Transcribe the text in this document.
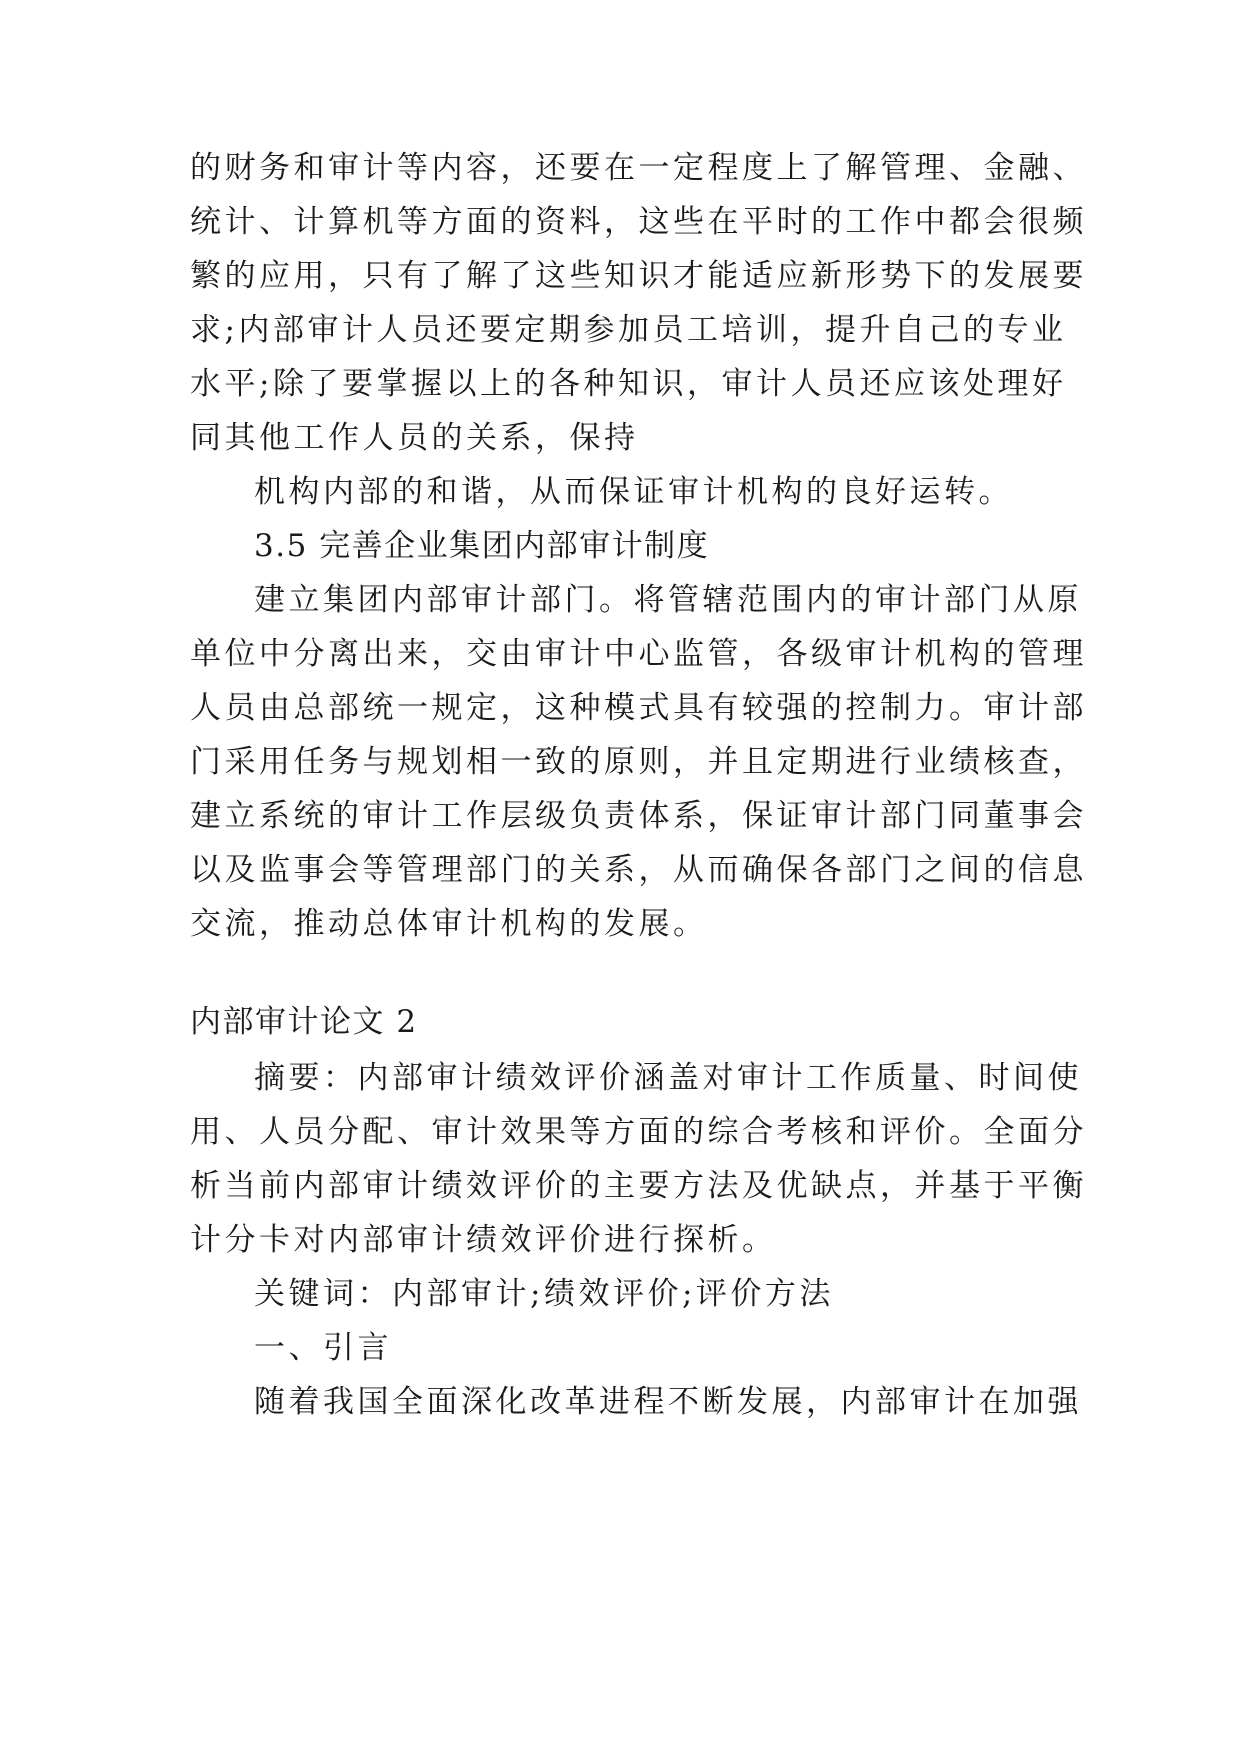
的财务和审计等内容，还要在一定程度上了解管理、金融、
统计、计算机等方面的资料，这些在平时的工作中都会很频
繁的应用，只有了解了这些知识才能适应新形势下的发展要
求;内部审计人员还要定期参加员工培训，提升自己的专业
水平;除了要掌握以上的各种知识，审计人员还应该处理好
同其他工作人员的关系，保持
机构内部的和谐，从而保证审计机构的良好运转。
3.5 完善企业集团内部审计制度
建立集团内部审计部门。将管辖范围内的审计部门从原
单位中分离出来，交由审计中心监管，各级审计机构的管理
人员由总部统一规定，这种模式具有较强的控制力。审计部
门采用任务与规划相一致的原则，并且定期进行业绩核查，
建立系统的审计工作层级负责体系，保证审计部门同董事会
以及监事会等管理部门的关系，从而确保各部门之间的信息
交流，推动总体审计机构的发展。
内部审计论文 2
摘要：内部审计绩效评价涵盖对审计工作质量、时间使
用、人员分配、审计效果等方面的综合考核和评价。全面分
析当前内部审计绩效评价的主要方法及优缺点，并基于平衡
计分卡对内部审计绩效评价进行探析。
关键词：内部审计;绩效评价;评价方法
一、引言
随着我国全面深化改革进程不断发展，内部审计在加强
